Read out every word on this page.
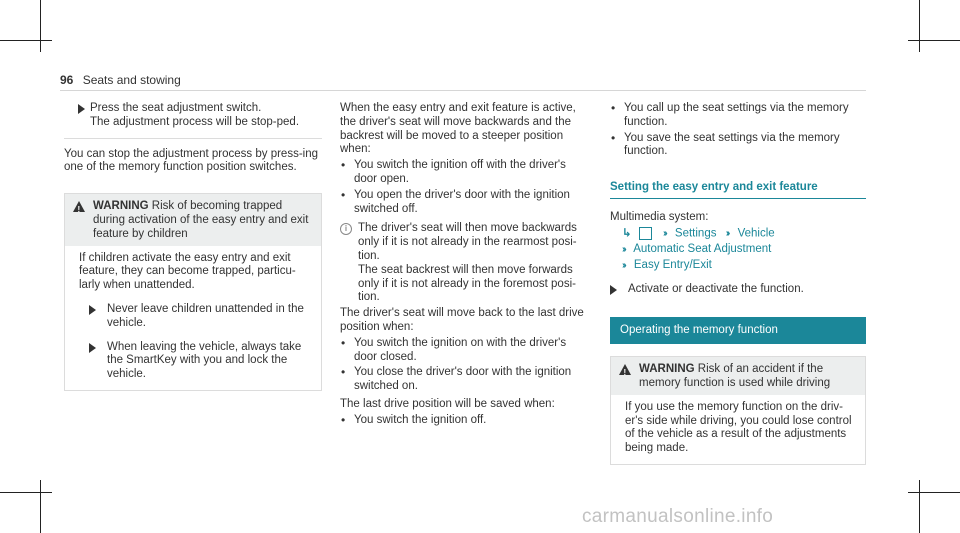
96 Seats and stowing

Press the seat adjustment switch.

The adjustment process will be stop-ped.

You can stop the adjustment process by press-ing one of the memory function position switches.

!
WARNING Risk of becoming trapped during activation of the easy entry and exit feature by children

If children activate the easy entry and exit feature, they can become trapped, particu-larly when unattended.

Never leave children unattended in the vehicle.

When leaving the vehicle, always take the SmartKey with you and lock the vehicle.

When the easy entry and exit feature is active, the driver's seat will move backwards and the backrest will be moved to a steeper position when:

• You switch the ignition off with the driver's door open.

• You open the driver's door with the ignition switched off.

i The driver's seat will then move backwards only if it is not already in the rearmost posi-tion.

The seat backrest will then move forwards only if it is not already in the foremost posi-tion.

The driver's seat will move back to the last drive position when:

• You switch the ignition on with the driver's door closed.

• You close the driver's door with the ignition switched on.

The last drive position will be saved when:

• You switch the ignition off.

• You call up the seat settings via the memory function.

• You save the seat settings via the memory function.

Setting the easy entry and exit feature

Multimedia system:

↳	›› Settings ›› Vehicle
›› Automatic Seat Adjustment
›› Easy Entry/Exit

Activate or deactivate the function.

Operating the memory function
!
WARNING Risk of an accident if the memory function is used while driving

If you use the memory function on the driv-er's side while driving, you could lose control of the vehicle as a result of the adjustments being made.

carmanualsonline.info
